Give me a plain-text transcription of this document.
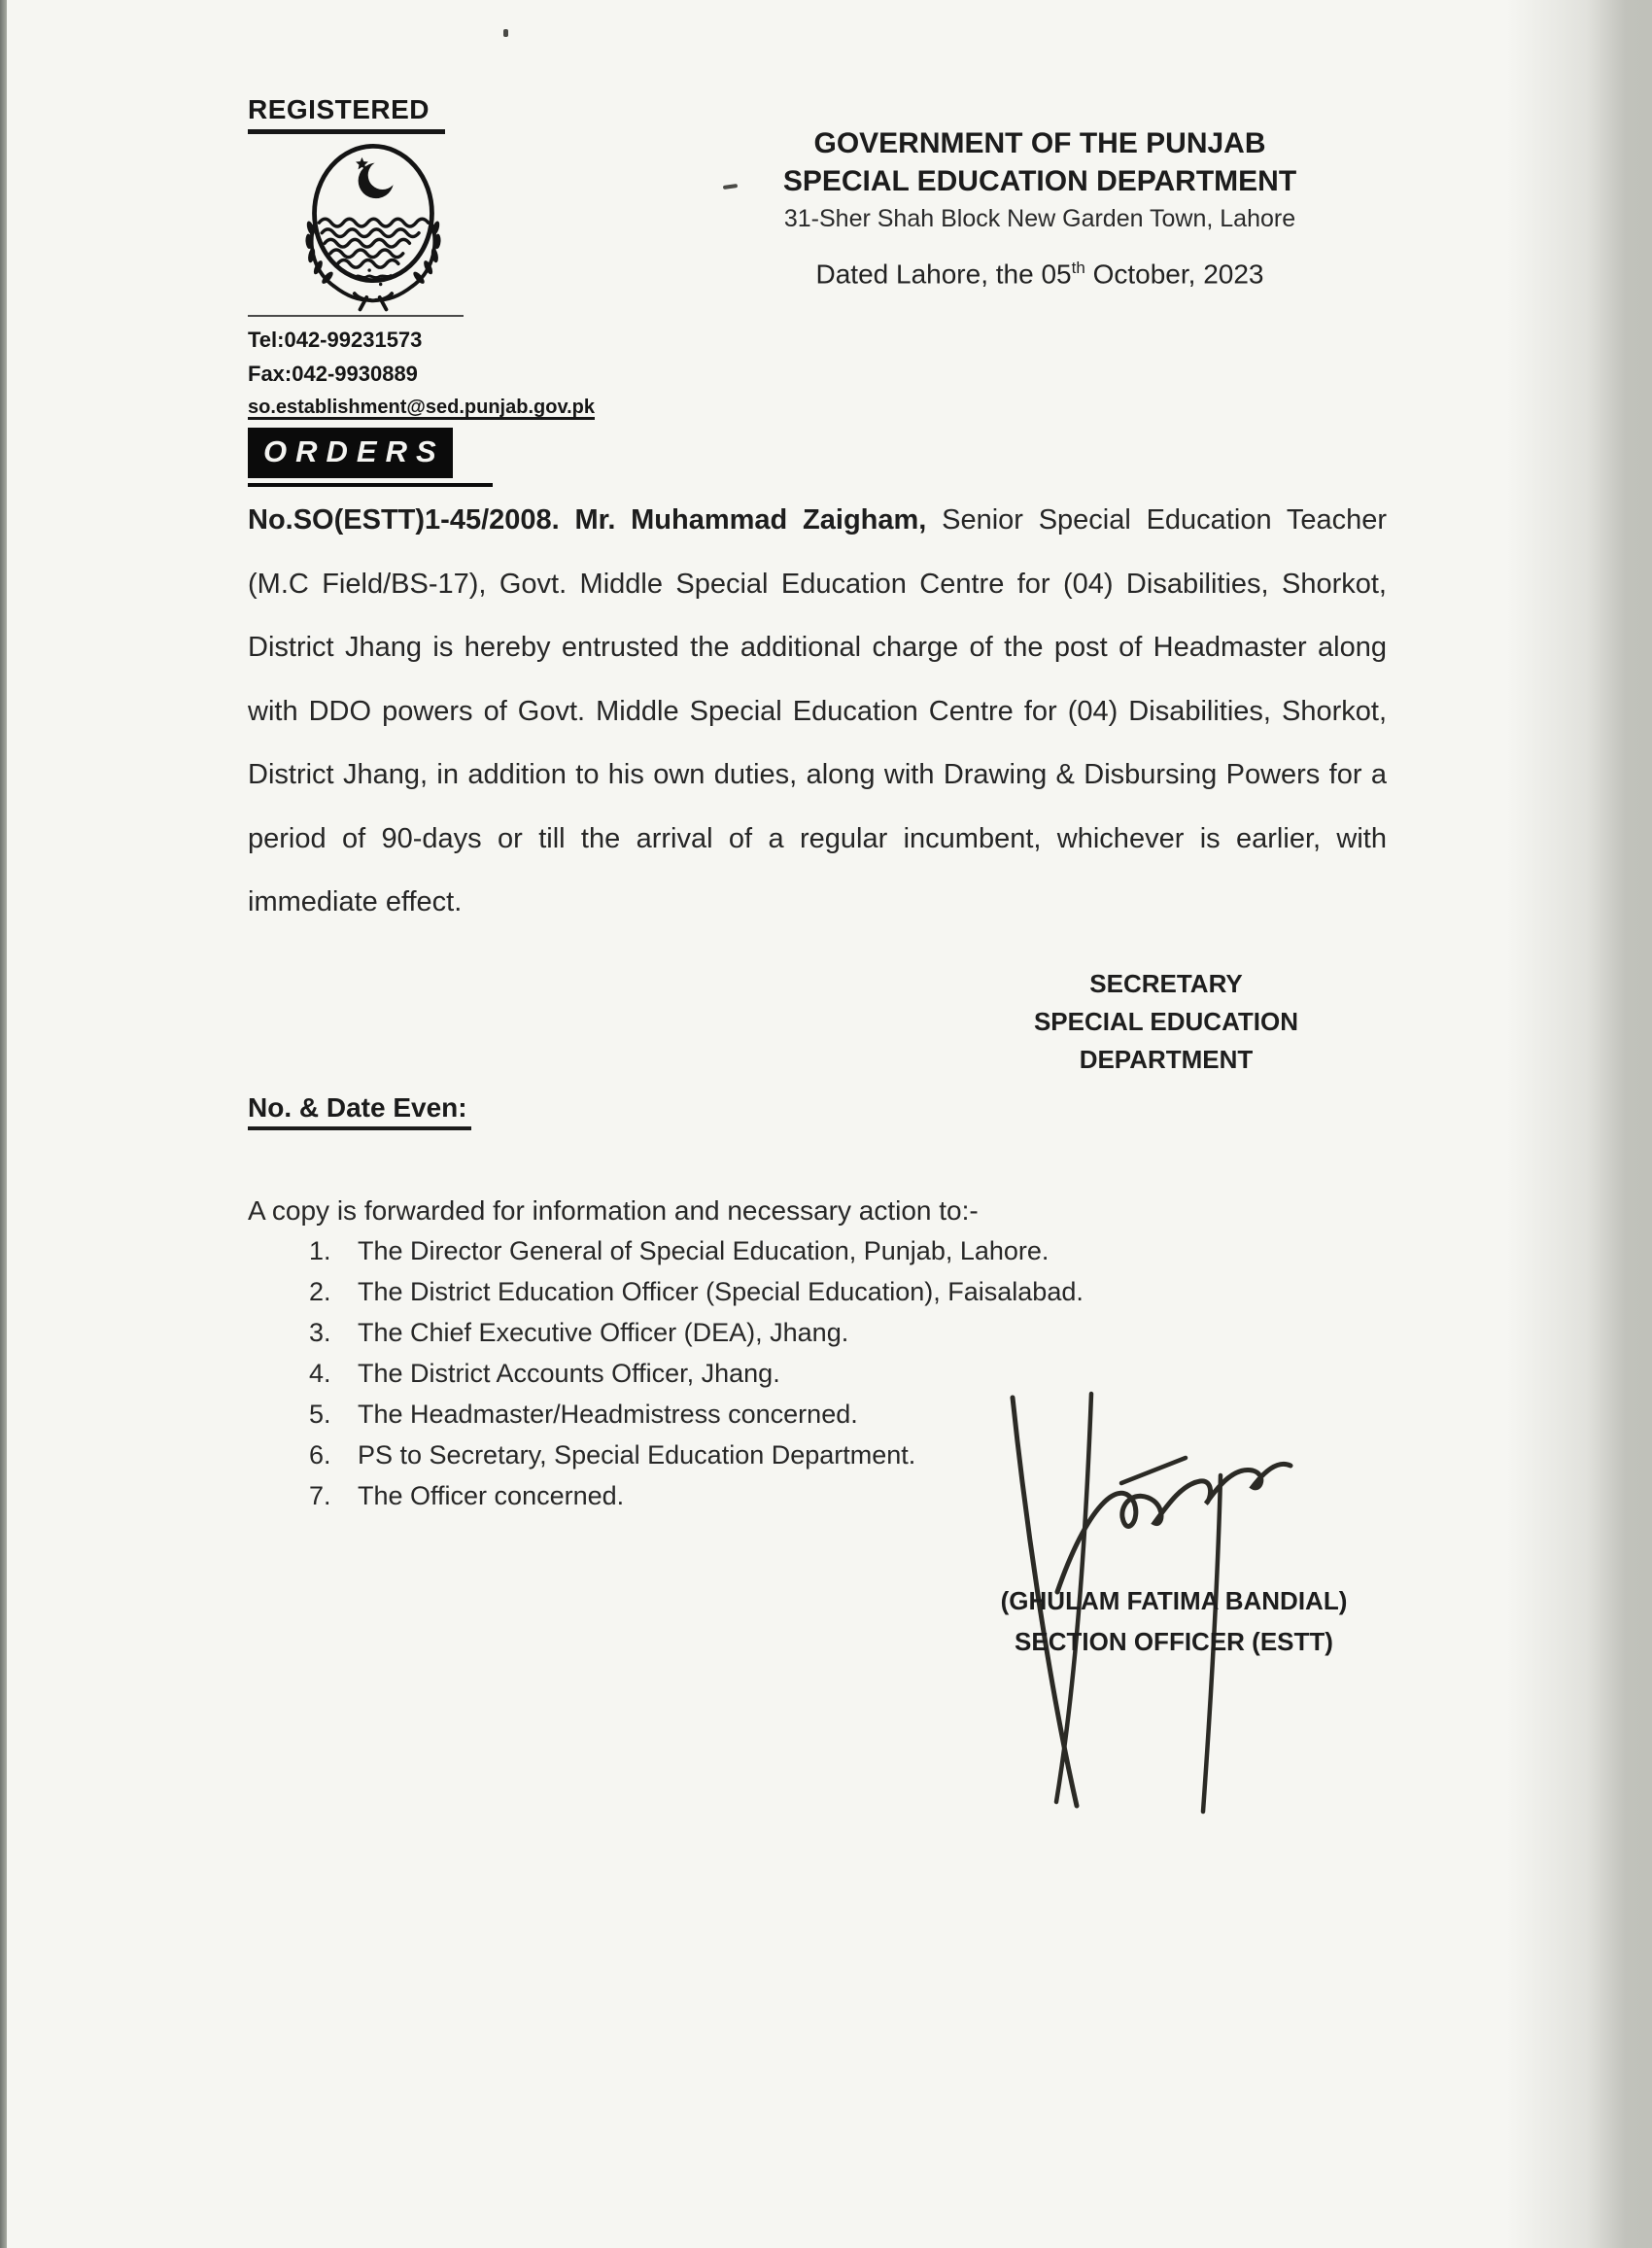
REGISTERED
Tel:042-99231573
Fax:042-9930889
so.establishment@sed.punjab.gov.pk
GOVERNMENT OF THE PUNJAB
SPECIAL EDUCATION DEPARTMENT
31-Sher Shah Block New Garden Town, Lahore
Dated Lahore, the 05th October, 2023
ORDERS
No.SO(ESTT)1-45/2008. Mr. Muhammad Zaigham, Senior Special Education Teacher (M.C Field/BS-17), Govt. Middle Special Education Centre for (04) Disabilities, Shorkot, District Jhang is hereby entrusted the additional charge of the post of Headmaster along with DDO powers of Govt. Middle Special Education Centre for (04) Disabilities, Shorkot, District Jhang, in addition to his own duties, along with Drawing & Disbursing Powers for a period of 90-days or till the arrival of a regular incumbent, whichever is earlier, with immediate effect.
SECRETARY
SPECIAL EDUCATION
DEPARTMENT
No. & Date Even:
A copy is forwarded for information and necessary action to:-
1.	The Director General of Special Education, Punjab, Lahore.
2.	The District Education Officer (Special Education), Faisalabad.
3.	The Chief Executive Officer (DEA), Jhang.
4.	The District Accounts Officer, Jhang.
5.	The Headmaster/Headmistress concerned.
6.	PS to Secretary, Special Education Department.
7.	The Officer concerned.
(GHULAM FATIMA BANDIAL)
SECTION OFFICER (ESTT)
